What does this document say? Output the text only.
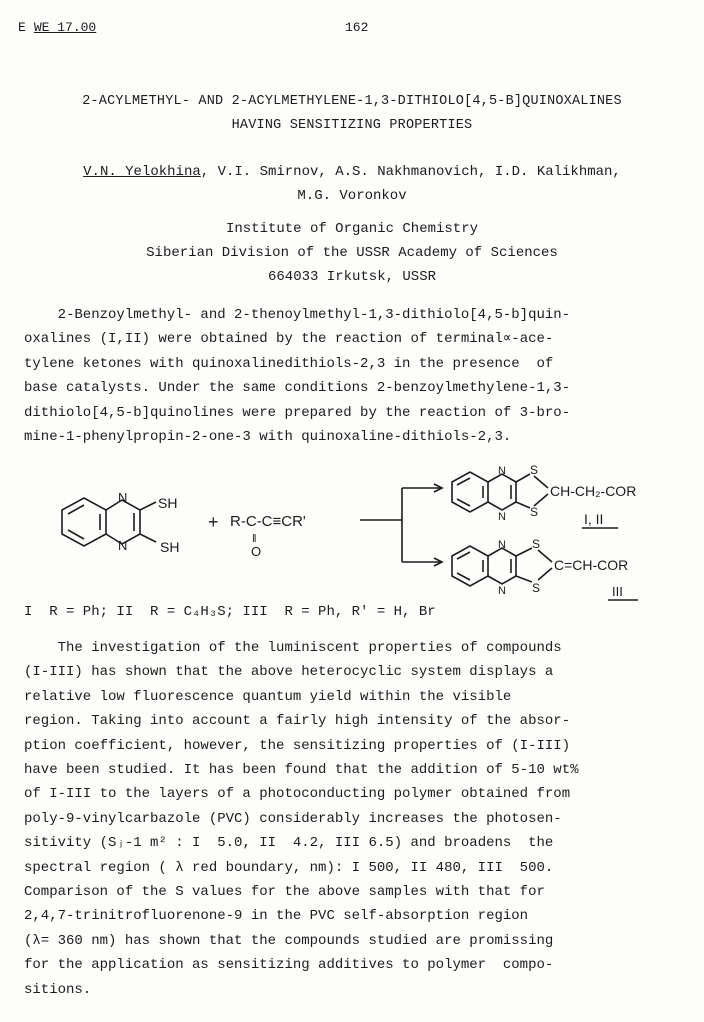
E WE 17.00	162
2-ACYLMETHYL- AND 2-ACYLMETHYLENE-1,3-DITHIOLO[4,5-B]QUINOXALINES
HAVING SENSITIZING PROPERTIES
V.N. Yelokhina, V.I. Smirnov, A.S. Nakhmanovich, I.D. Kalikhman,
M.G. Voronkov
Institute of Organic Chemistry
Siberian Division of the USSR Academy of Sciences
664033 Irkutsk, USSR

2-Benzoylmethyl- and 2-thenoylmethyl-1,3-dithiolo[4,5-b]quin-

oxalines (I,II) were obtained by the reaction of terminal∝-ace-

tylene ketones with quinoxalinedithiols-2,3 in the presence  of

base catalysts. Under the same conditions 2-benzoylmethylene-1,3-

dithiolo[4,5-b]quinolines were prepared by the reaction of 3-bro-

mine-1-phenylpropin-2-one-3 with quinoxaline-dithiols-2,3.

N
N
SH
SH
+ R-C-C≡CR'
‖
O
N
N
S
S
CH-CH₂-COR
I, II
N
N
S
S
C=CH-COR
III
I  R = Ph; II  R = C₄H₃S; III  R = Ph, R' = H, Br

The investigation of the luminiscent properties of compounds

(I-III) has shown that the above heterocyclic system displays a

relative low fluorescence quantum yield within the visible

region. Taking into account a fairly high intensity of the absor-

ption coefficient, however, the sensitizing properties of (I-III)

have been studied. It has been found that the addition of 5-10 wt%

of I-III to the layers of a photoconducting polymer obtained from

poly-9-vinylcarbazole (PVC) considerably increases the photosen-

sitivity (Sⱼ-1 m² : I  5.0, II  4.2, III 6.5) and broadens  the

spectral region ( λ red boundary, nm): I 500, II 480, III  500.

Comparison of the S values for the above samples with that for

2,4,7-trinitrofluorenone-9 in the PVC self-absorption region

(λ= 360 nm) has shown that the compounds studied are promissing

for the application as sensitizing additives to polymer  compo-

sitions.
